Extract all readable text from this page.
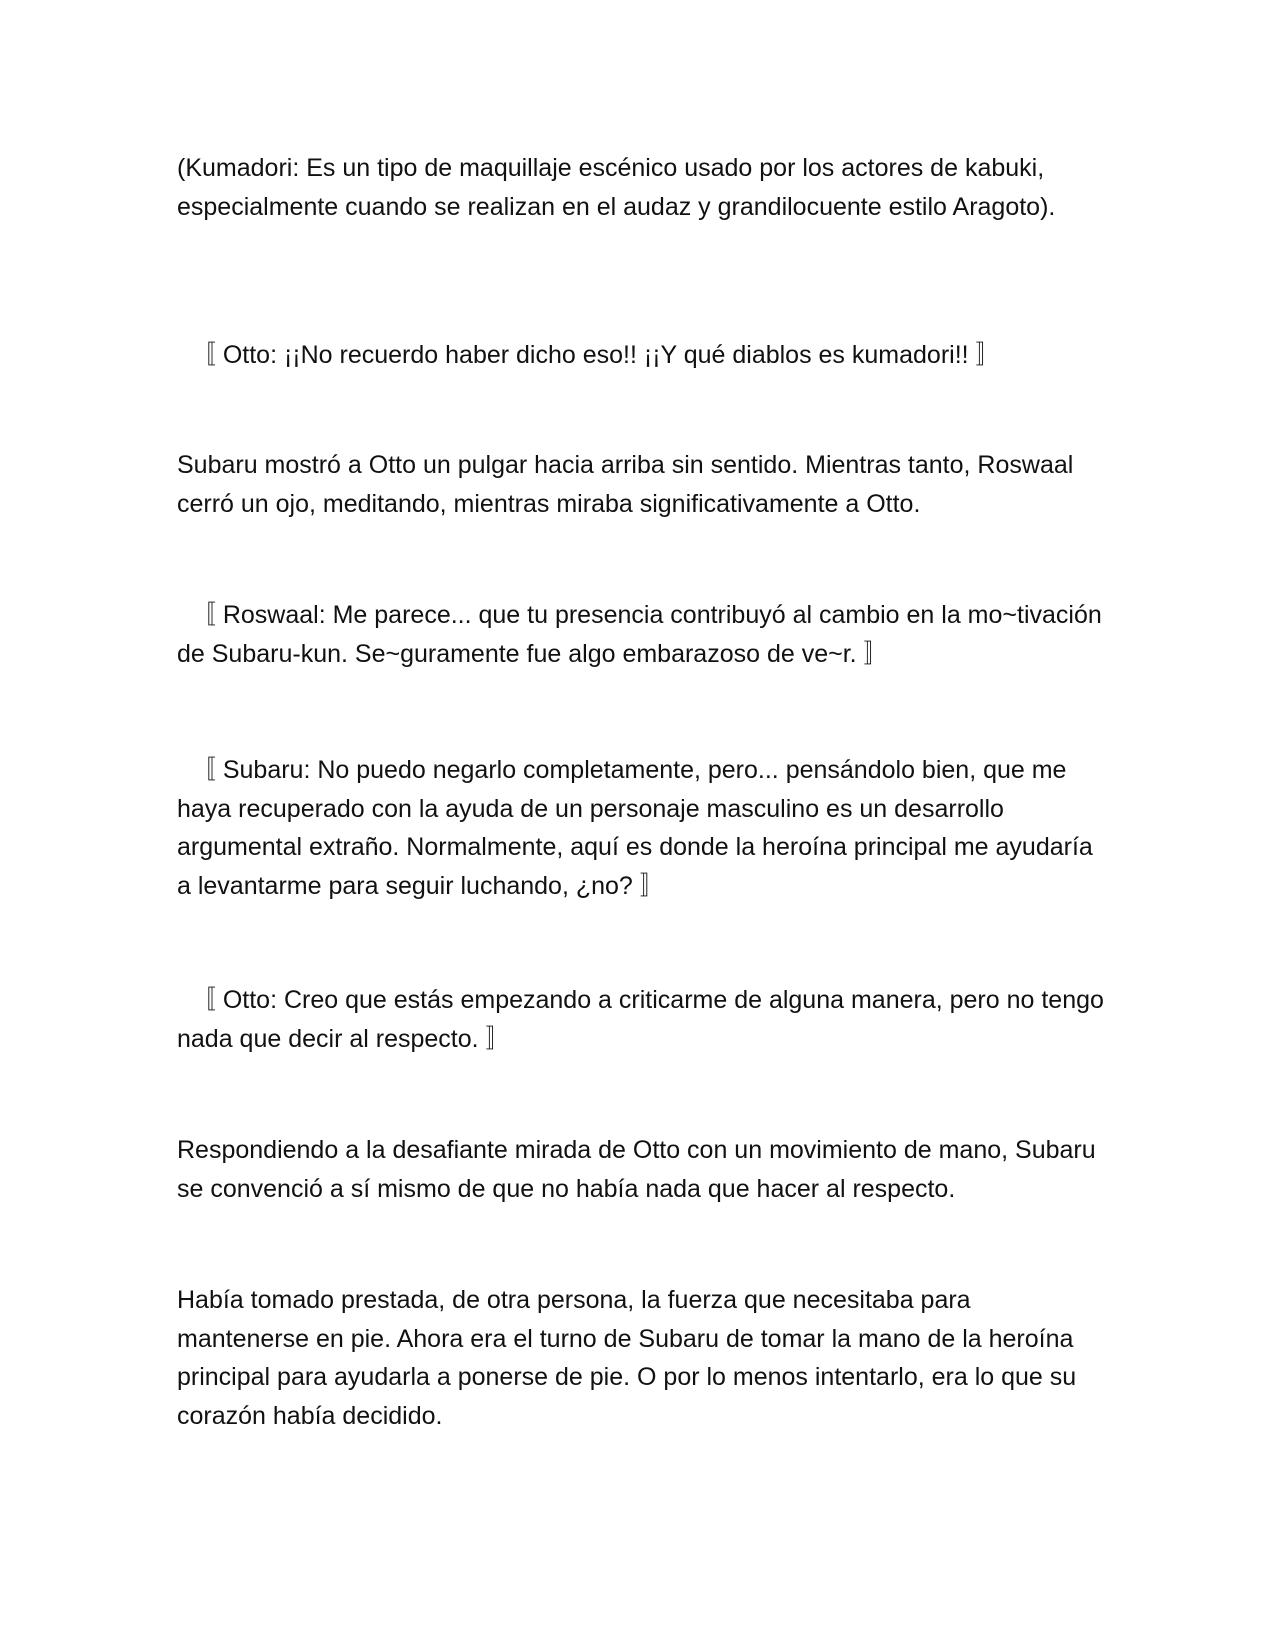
(Kumadori: Es un tipo de maquillaje escénico usado por los actores de kabuki, especialmente cuando se realizan en el audaz y grandilocuente estilo Aragoto).

〚 Otto: ¡¡No recuerdo haber dicho eso!! ¡¡Y qué diablos es kumadori!! 〛

Subaru mostró a Otto un pulgar hacia arriba sin sentido. Mientras tanto, Roswaal cerró un ojo, meditando, mientras miraba significativamente a Otto.

〚 Roswaal: Me parece... que tu presencia contribuyó al cambio en la mo~tivación de Subaru-kun. Se~guramente fue algo embarazoso de ve~r. 〛

〚 Subaru: No puedo negarlo completamente, pero... pensándolo bien, que me haya recuperado con la ayuda de un personaje masculino es un desarrollo argumental extraño. Normalmente, aquí es donde la heroína principal me ayudaría a levantarme para seguir luchando, ¿no? 〛

〚 Otto: Creo que estás empezando a criticarme de alguna manera, pero no tengo nada que decir al respecto. 〛

Respondiendo a la desafiante mirada de Otto con un movimiento de mano, Subaru se convenció a sí mismo de que no había nada que hacer al respecto.

Había tomado prestada, de otra persona, la fuerza que necesitaba para mantenerse en pie. Ahora era el turno de Subaru de tomar la mano de la heroína principal para ayudarla a ponerse de pie. O por lo menos intentarlo, era lo que su corazón había decidido.
